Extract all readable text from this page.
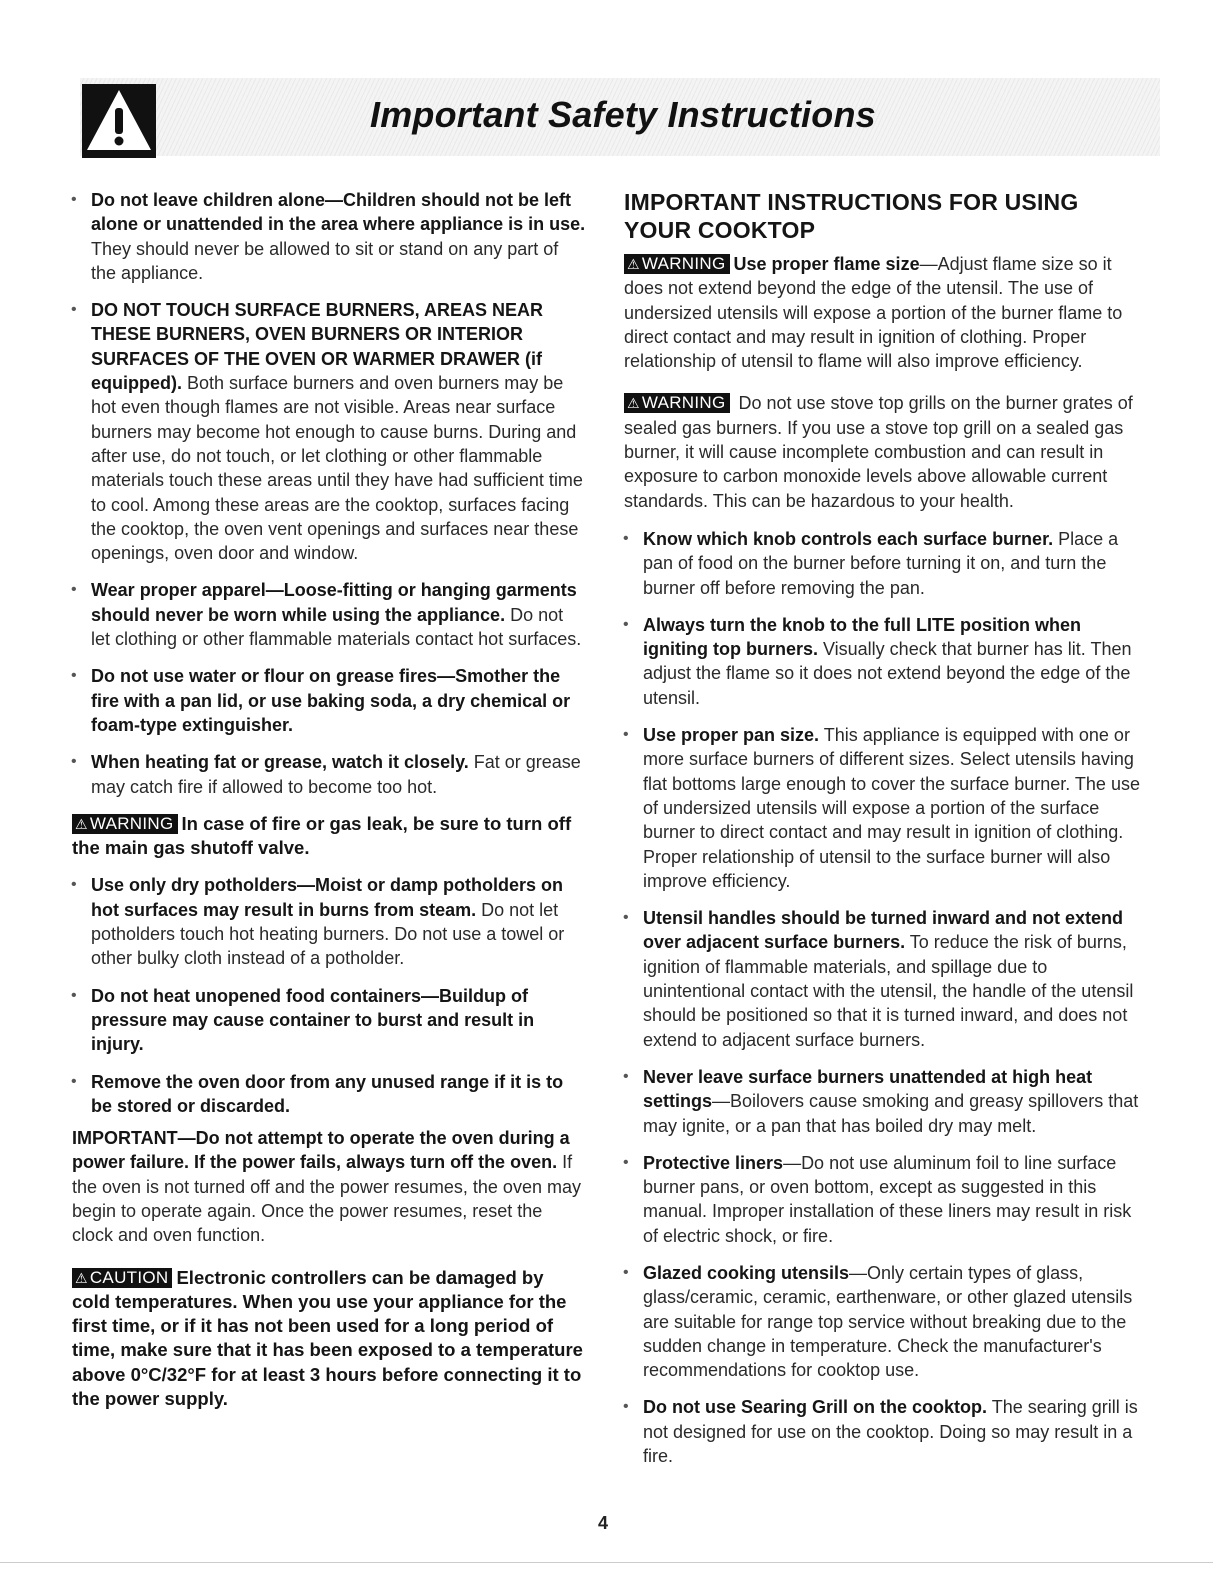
Important Safety Instructions

• Do not leave children alone—Children should not be left alone or unattended in the area where appliance is in use. They should never be allowed to sit or stand on any part of the appliance.

• DO NOT TOUCH SURFACE BURNERS, AREAS NEAR THESE BURNERS, OVEN BURNERS OR INTERIOR SURFACES OF THE OVEN OR WARMER DRAWER (if equipped). Both surface burners and oven burners may be hot even though flames are not visible. Areas near surface burners may become hot enough to cause burns. During and after use, do not touch, or let clothing or other flammable materials touch these areas until they have had sufficient time to cool. Among these areas are the cooktop, surfaces facing the cooktop, the oven vent openings and surfaces near these openings, oven door and window.

• Wear proper apparel—Loose-fitting or hanging garments should never be worn while using the appliance. Do not let clothing or other flammable materials contact hot surfaces.

• Do not use water or flour on grease fires—Smother the fire with a pan lid, or use baking soda, a dry chemical or foam-type extinguisher.

• When heating fat or grease, watch it closely. Fat or grease may catch fire if allowed to become too hot.

⚠ WARNING In case of fire or gas leak, be sure to turn off the main gas shutoff valve.

• Use only dry potholders—Moist or damp potholders on hot surfaces may result in burns from steam. Do not let potholders touch hot heating burners. Do not use a towel or other bulky cloth instead of a potholder.

• Do not heat unopened food containers—Buildup of pressure may cause container to burst and result in injury.

• Remove the oven door from any unused range if it is to be stored or discarded.

IMPORTANT—Do not attempt to operate the oven during a power failure. If the power fails, always turn off the oven. If the oven is not turned off and the power resumes, the oven may begin to operate again. Once the power resumes, reset the clock and oven function.

⚠ CAUTION Electronic controllers can be damaged by cold temperatures. When you use your appliance for the first time, or if it has not been used for a long period of time, make sure that it has been exposed to a temperature above 0°C/32°F for at least 3 hours before connecting it to the power supply.

IMPORTANT INSTRUCTIONS FOR USING YOUR COOKTOP

⚠ WARNING Use proper flame size—Adjust flame size so it does not extend beyond the edge of the utensil. The use of undersized utensils will expose a portion of the burner flame to direct contact and may result in ignition of clothing. Proper relationship of utensil to flame will also improve efficiency.

⚠ WARNING Do not use stove top grills on the burner grates of sealed gas burners. If you use a stove top grill on a sealed gas burner, it will cause incomplete combustion and can result in exposure to carbon monoxide levels above allowable current standards. This can be hazardous to your health.

• Know which knob controls each surface burner. Place a pan of food on the burner before turning it on, and turn the burner off before removing the pan.

• Always turn the knob to the full LITE position when igniting top burners. Visually check that burner has lit. Then adjust the flame so it does not extend beyond the edge of the utensil.

• Use proper pan size. This appliance is equipped with one or more surface burners of different sizes. Select utensils having flat bottoms large enough to cover the surface burner. The use of undersized utensils will expose a portion of the surface burner to direct contact and may result in ignition of clothing. Proper relationship of utensil to the surface burner will also improve efficiency.

• Utensil handles should be turned inward and not extend over adjacent surface burners. To reduce the risk of burns, ignition of flammable materials, and spillage due to unintentional contact with the utensil, the handle of the utensil should be positioned so that it is turned inward, and does not extend to adjacent surface burners.

• Never leave surface burners unattended at high heat settings—Boilovers cause smoking and greasy spillovers that may ignite, or a pan that has boiled dry may melt.

• Protective liners—Do not use aluminum foil to line surface burner pans, or oven bottom, except as suggested in this manual. Improper installation of these liners may result in risk of electric shock, or fire.

• Glazed cooking utensils—Only certain types of glass, glass/ceramic, ceramic, earthenware, or other glazed utensils are suitable for range top service without breaking due to the sudden change in temperature. Check the manufacturer's recommendations for cooktop use.

• Do not use Searing Grill on the cooktop. The searing grill is not designed for use on the cooktop. Doing so may result in a fire.

4
